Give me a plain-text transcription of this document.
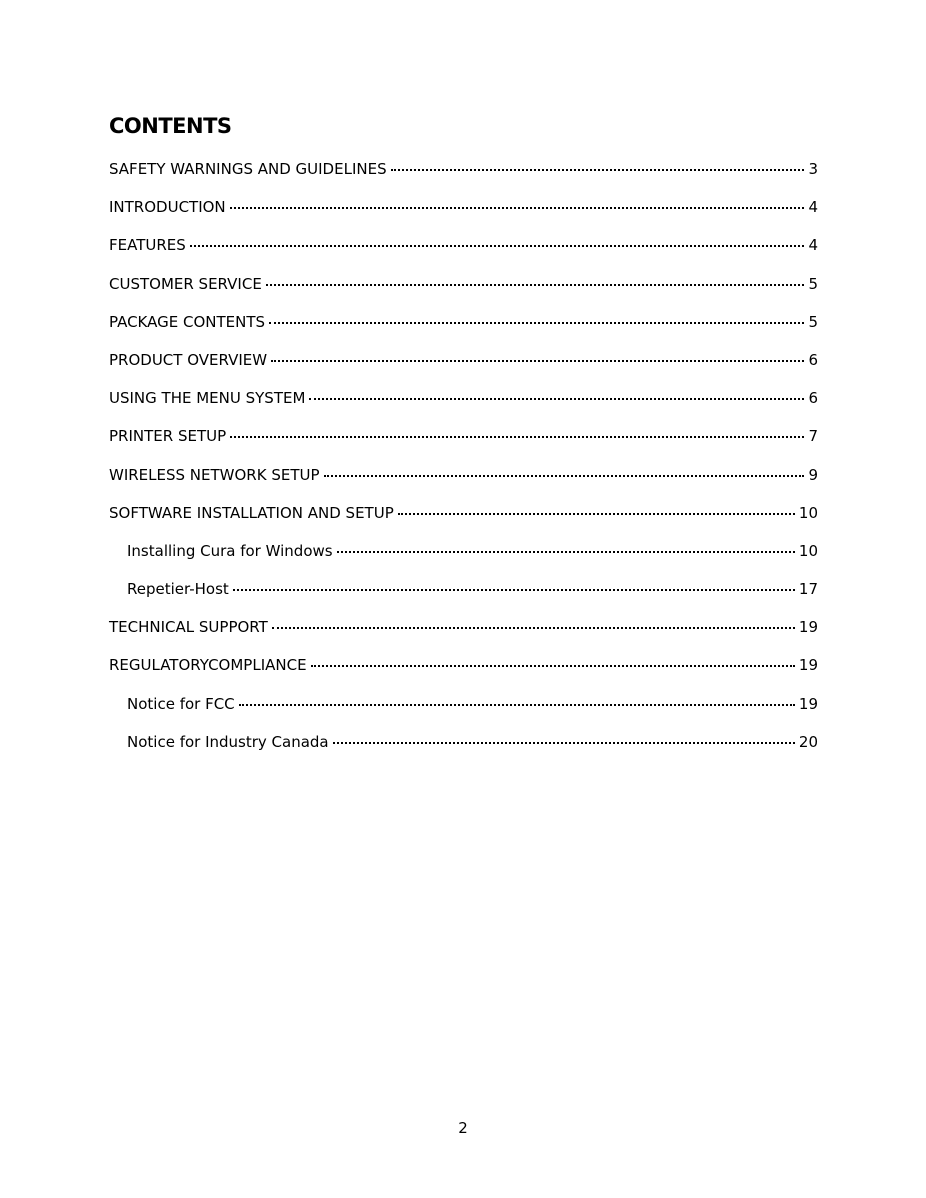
CONTENTS
SAFETY WARNINGS AND GUIDELINES	3
INTRODUCTION	4
FEATURES	4
CUSTOMER SERVICE	5
PACKAGE CONTENTS	5
PRODUCT OVERVIEW	6
USING THE MENU SYSTEM	6
PRINTER SETUP	7
WIRELESS NETWORK SETUP	9
SOFTWARE INSTALLATION AND SETUP	10
Installing Cura for Windows	10
Repetier-Host	17
TECHNICAL SUPPORT	19
REGULATORYCOMPLIANCE	19
Notice for FCC	19
Notice for Industry Canada	20
2
